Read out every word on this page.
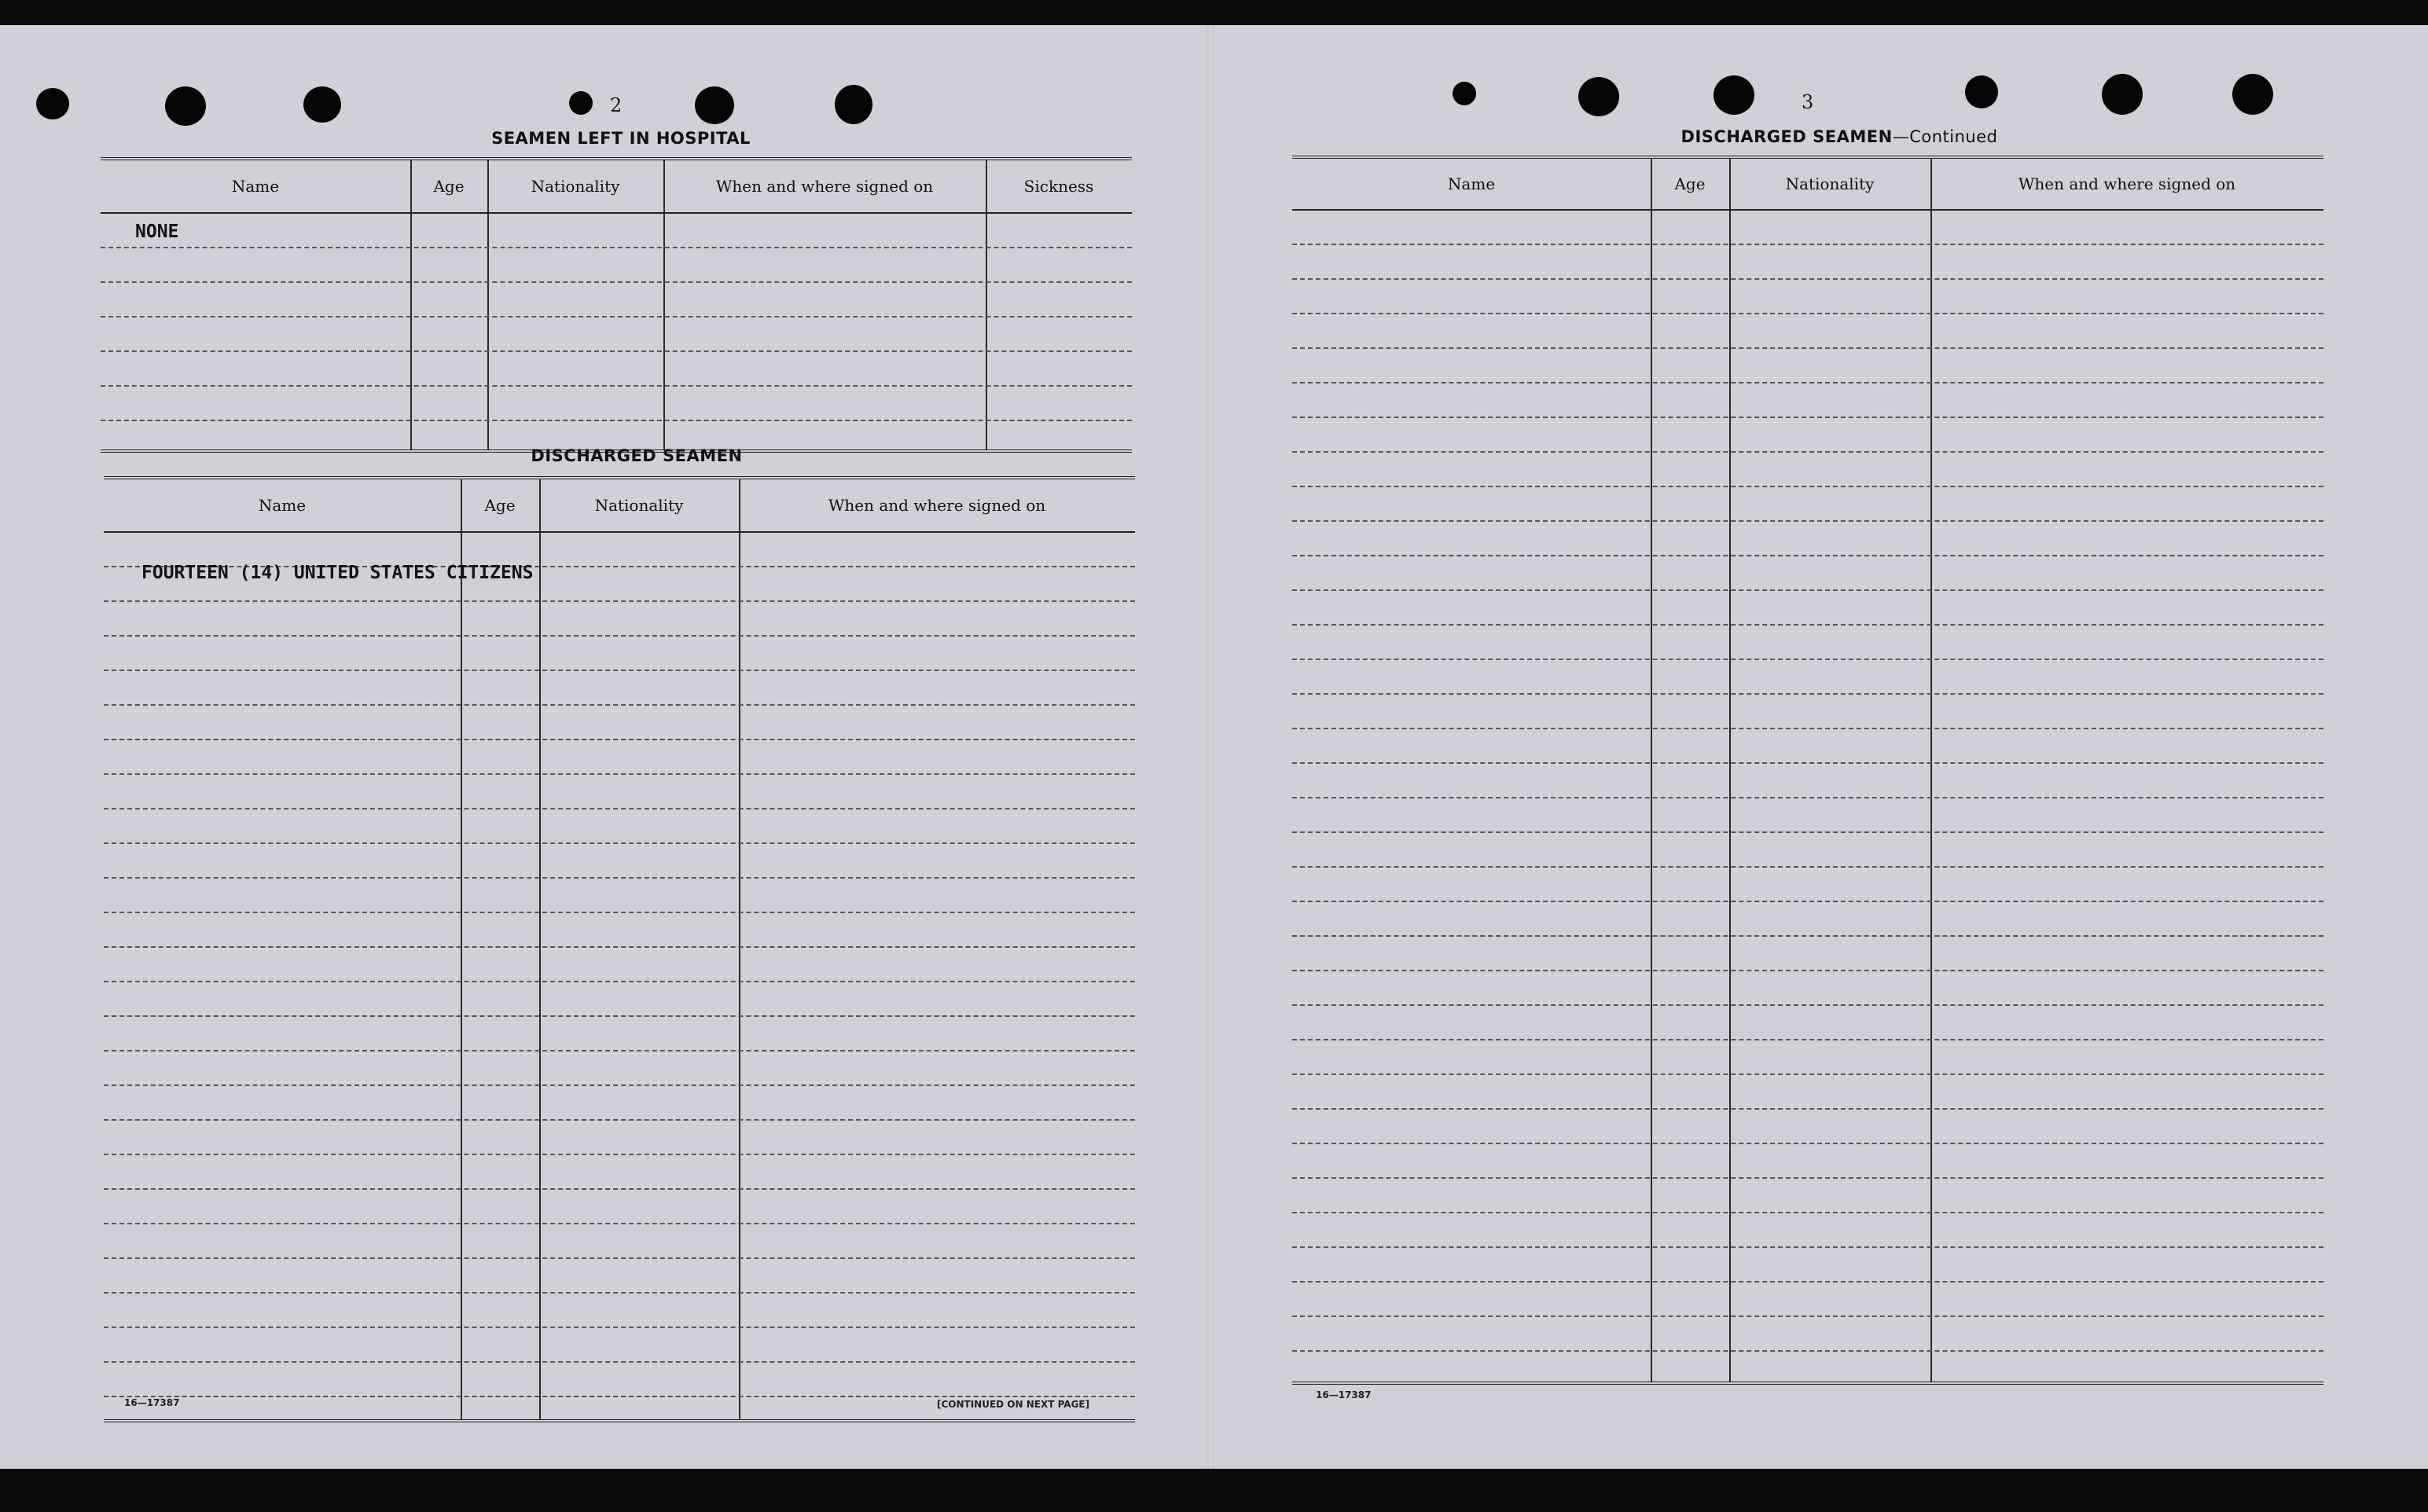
2
SEAMEN LEFT IN HOSPITAL
Name	Age	Nationality	When and where signed on	Sickness
NONE
DISCHARGED SEAMEN
Name	Age	Nationality	When and where signed on
FOURTEEN (14) UNITED STATES CITIZENS
16—17387	[CONTINUED ON NEXT PAGE]
3
DISCHARGED SEAMEN—Continued
Name	Age	Nationality	When and where signed on
16—17387
